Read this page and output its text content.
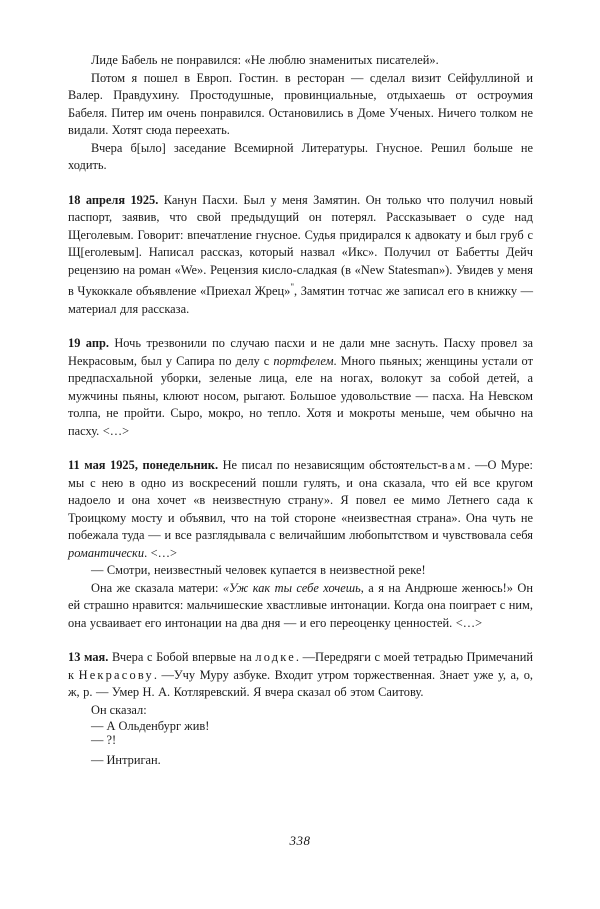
Лиде Бабель не понравился: «Не люблю знаменитых писателей».

Потом я пошел в Европ. Гостин. в ресторан — сделал визит Сейфуллиной и Валер. Правдухину. Простодушные, провинциальные, отдыхаешь от остроумия Бабеля. Питер им очень понравился. Остановились в Доме Ученых. Ничего толком не видали. Хотят сюда переехать.

Вчера б[ыло] заседание Всемирной Литературы. Гнусное. Решил больше не ходить.

18 апреля 1925. Канун Пасхи. Был у меня Замятин. Он только что получил новый паспорт, заявив, что свой предыдущий он потерял. Рассказывает о суде над Щеголевым. Говорит: впечатление гнусное. Судья придирался к адвокату и был груб с Щ[еголевым]. Написал рассказ, который назвал «Икс». Получил от Бабетты Дейч рецензию на роман «We». Рецензия кисло-сладкая (в «New Statesman»). Увидев у меня в Чукоккале объявление «Приехал Жрец»", Замятин тотчас же записал его в книжку — материал для рассказа.

19 апр. Ночь трезвонили по случаю пасхи и не дали мне заснуть. Пасху провел за Некрасовым, был у Сапира по делу с портфелем. Много пьяных; женщины устали от предпасхальной уборки, зеленые лица, еле на ногах, волокут за собой детей, а мужчины пьяны, клюют носом, рыгают. Большое удовольствие — пасха. На Невском толпа, не пройти. Сыро, мокро, но тепло. Хотя и мокроты меньше, чем обычно на пасху. <…>

11 мая 1925, понедельник. Не писал по независящим обстоятельст-вам. —О Муре: мы с нею в одно из воскресений пошли гулять, и она сказала, что ей все кругом надоело и она хочет «в неизвестную страну». Я повел ее мимо Летнего сада к Троицкому мосту и объявил, что на той стороне «неизвестная страна». Она чуть не побежала туда — и все разглядывала с величайшим любопытством и чувствовала себя романтически. <…>

— Смотри, неизвестный человек купается в неизвестной реке!

Она же сказала матери: «Уж как ты себе хочешь, а я на Андрюше женюсь!» Он ей страшно нравится: мальчишеские хвастливые интонации. Когда она поиграет с ним, она усваивает его интонации на два дня — и его переоценку ценностей. <…>

13 мая. Вчера с Бобой впервые на лодке. —Передряги с моей тетрадью Примечаний к Некрасову. —Учу Муру азбуке. Входит утром торжественная. Знает уже у, а, о, ж, р. — Умер Н. А. Котляревский. Я вчера сказал об этом Саитову.

Он сказал:

— А Ольденбург жив!

— ?!

— Интриган.

338
